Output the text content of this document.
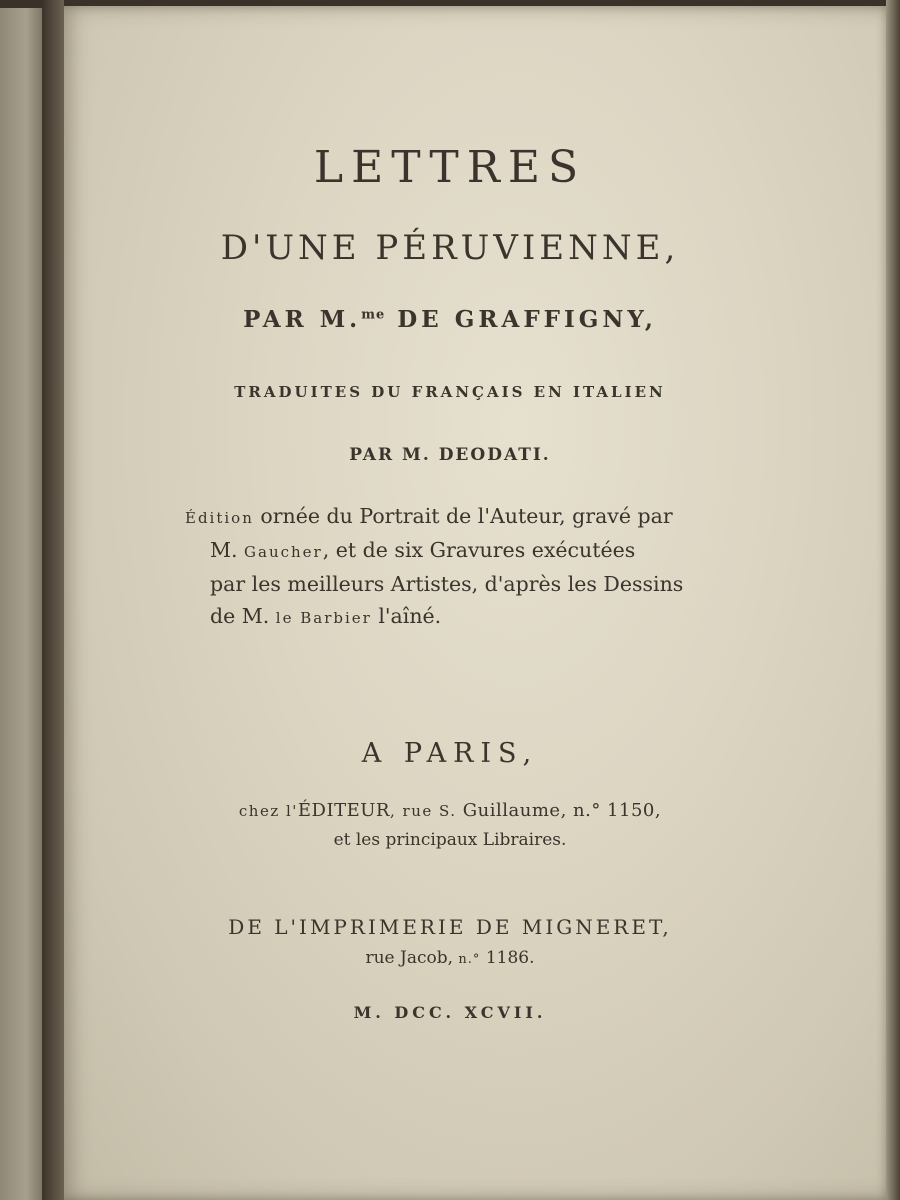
LETTRES
D'UNE PÉRUVIENNE,
PAR M.$^{me}$ DE GRAFFIGNY,
TRADUITES DU FRANÇAIS EN ITALIEN
PAR M. DEODATI.
Édition ornée du Portrait de l'Auteur, gravé par
M. Gaucher, et de six Gravures exécutées
par les meilleurs Artistes, d'après les Dessins
de M. le Barbier l'aîné.
A PARIS,
chez l'ÉDITEUR, rue S. Guillaume, n.° 1150,
et les principaux Libraires.
DE L'IMPRIMERIE DE MIGNERET,
rue Jacob, n.° 1186.
M. DCC. XCVII.
